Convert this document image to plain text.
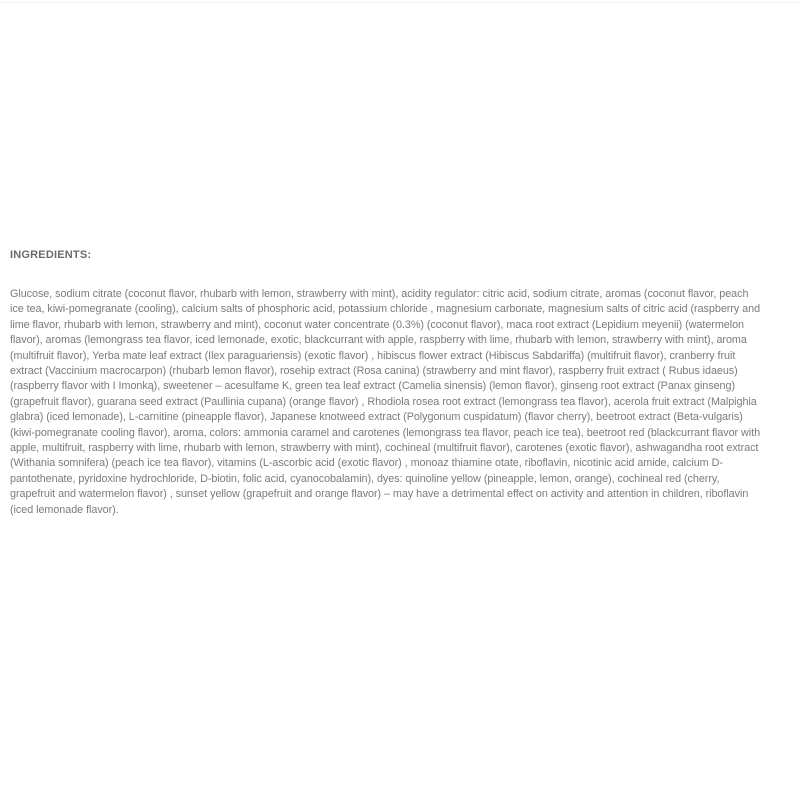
INGREDIENTS:
Glucose, sodium citrate (coconut flavor, rhubarb with lemon, strawberry with mint), acidity regulator: citric acid, sodium citrate, aromas (coconut flavor, peach
ice tea, kiwi-pomegranate (cooling), calcium salts of phosphoric acid, potassium chloride , magnesium carbonate, magnesium salts of citric acid (raspberry and
lime flavor, rhubarb with lemon, strawberry and mint), coconut water concentrate (0.3%) (coconut flavor), maca root extract (Lepidium meyenii) (watermelon
flavor), aromas (lemongrass tea flavor, iced lemonade, exotic, blackcurrant with apple, raspberry with lime, rhubarb with lemon, strawberry with mint), aroma
(multifruit flavor), Yerba mate leaf extract (Ilex paraguariensis) (exotic flavor) , hibiscus flower extract (Hibiscus Sabdariffa) (multifruit flavor), cranberry fruit
extract (Vaccinium macrocarpon) (rhubarb lemon flavor), rosehip extract (Rosa canina) (strawberry and mint flavor), raspberry fruit extract ( Rubus idaeus)
(raspberry flavor with I Imonką), sweetener – acesulfame K, green tea leaf extract (Camelia sinensis) (lemon flavor), ginseng root extract (Panax ginseng)
(grapefruit flavor), guarana seed extract (Paullinia cupana) (orange flavor) , Rhodiola rosea root extract (lemongrass tea flavor), acerola fruit extract (Malpighia
glabra) (iced lemonade), L-carnitine (pineapple flavor), Japanese knotweed extract (Polygonum cuspidatum) (flavor cherry), beetroot extract (Beta-vulgaris)
(kiwi-pomegranate cooling flavor), aroma, colors: ammonia caramel and carotenes (lemongrass tea flavor, peach ice tea), beetroot red (blackcurrant flavor with
apple, multifruit, raspberry with lime, rhubarb with lemon, strawberry with mint), cochineal (multifruit flavor), carotenes (exotic flavor), ashwagandha root extract
(Withania somnifera) (peach ice tea flavor), vitamins (L-ascorbic acid (exotic flavor) , monoaz thiamine otate, riboflavin, nicotinic acid amide, calcium D-
pantothenate, pyridoxine hydrochloride, D-biotin, folic acid, cyanocobalamin), dyes: quinoline yellow (pineapple, lemon, orange), cochineal red (cherry,
grapefruit and watermelon flavor) , sunset yellow (grapefruit and orange flavor) – may have a detrimental effect on activity and attention in children, riboflavin
(iced lemonade flavor).
